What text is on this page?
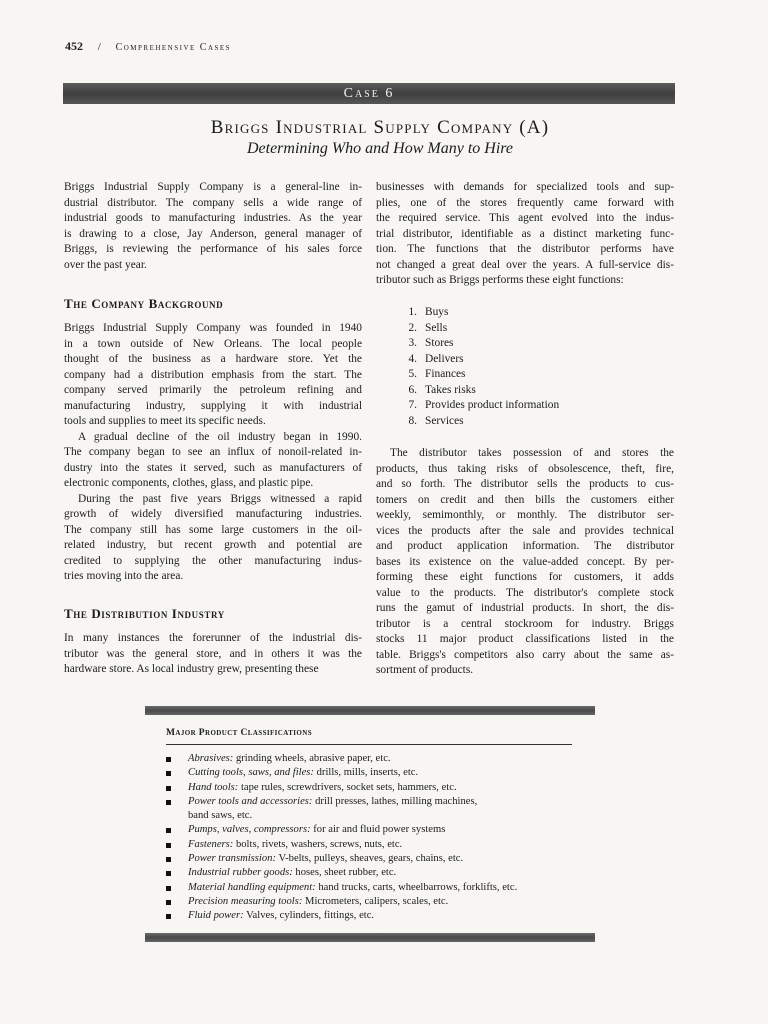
452 / Comprehensive Cases
Case 6
Briggs Industrial Supply Company (A)
Determining Who and How Many to Hire
Briggs Industrial Supply Company is a general-line in-
dustrial distributor. The company sells a wide range of
industrial goods to manufacturing industries. As the year
is drawing to a close, Jay Anderson, general manager of
Briggs, is reviewing the performance of his sales force
over the past year.
The Company Background
Briggs Industrial Supply Company was founded in 1940
in a town outside of New Orleans. The local people
thought of the business as a hardware store. Yet the
company had a distribution emphasis from the start. The
company served primarily the petroleum refining and
manufacturing industry, supplying it with industrial
tools and supplies to meet its specific needs.
A gradual decline of the oil industry began in 1990.
The company began to see an influx of nonoil-related in-
dustry into the states it served, such as manufacturers of
electronic components, clothes, glass, and plastic pipe.
During the past five years Briggs witnessed a rapid
growth of widely diversified manufacturing industries.
The company still has some large customers in the oil-
related industry, but recent growth and potential are
credited to supplying the other manufacturing indus-
tries moving into the area.
The Distribution Industry
In many instances the forerunner of the industrial dis-
tributor was the general store, and in others it was the
hardware store. As local industry grew, presenting these
businesses with demands for specialized tools and sup-
plies, one of the stores frequently came forward with
the required service. This agent evolved into the indus-
trial distributor, identifiable as a distinct marketing func-
tion. The functions that the distributor performs have
not changed a great deal over the years. A full-service dis-
tributor such as Briggs performs these eight functions:
1. Buys
2. Sells
3. Stores
4. Delivers
5. Finances
6. Takes risks
7. Provides product information
8. Services
The distributor takes possession of and stores the
products, thus taking risks of obsolescence, theft, fire,
and so forth. The distributor sells the products to cus-
tomers on credit and then bills the customers either
weekly, semimonthly, or monthly. The distributor ser-
vices the products after the sale and provides technical
and product application information. The distributor
bases its existence on the value-added concept. By per-
forming these eight functions for customers, it adds
value to the products. The distributor's complete stock
runs the gamut of industrial products. In short, the dis-
tributor is a central stockroom for industry. Briggs
stocks 11 major product classifications listed in the
table. Briggs's competitors also carry about the same as-
sortment of products.
Major Product Classifications
Abrasives: grinding wheels, abrasive paper, etc.
Cutting tools, saws, and files: drills, mills, inserts, etc.
Hand tools: tape rules, screwdrivers, socket sets, hammers, etc.
Power tools and accessories: drill presses, lathes, milling machines,
band saws, etc.
Pumps, valves, compressors: for air and fluid power systems
Fasteners: bolts, rivets, washers, screws, nuts, etc.
Power transmission: V-belts, pulleys, sheaves, gears, chains, etc.
Industrial rubber goods: hoses, sheet rubber, etc.
Material handling equipment: hand trucks, carts, wheelbarrows, forklifts, etc.
Precision measuring tools: Micrometers, calipers, scales, etc.
Fluid power: Valves, cylinders, fittings, etc.
